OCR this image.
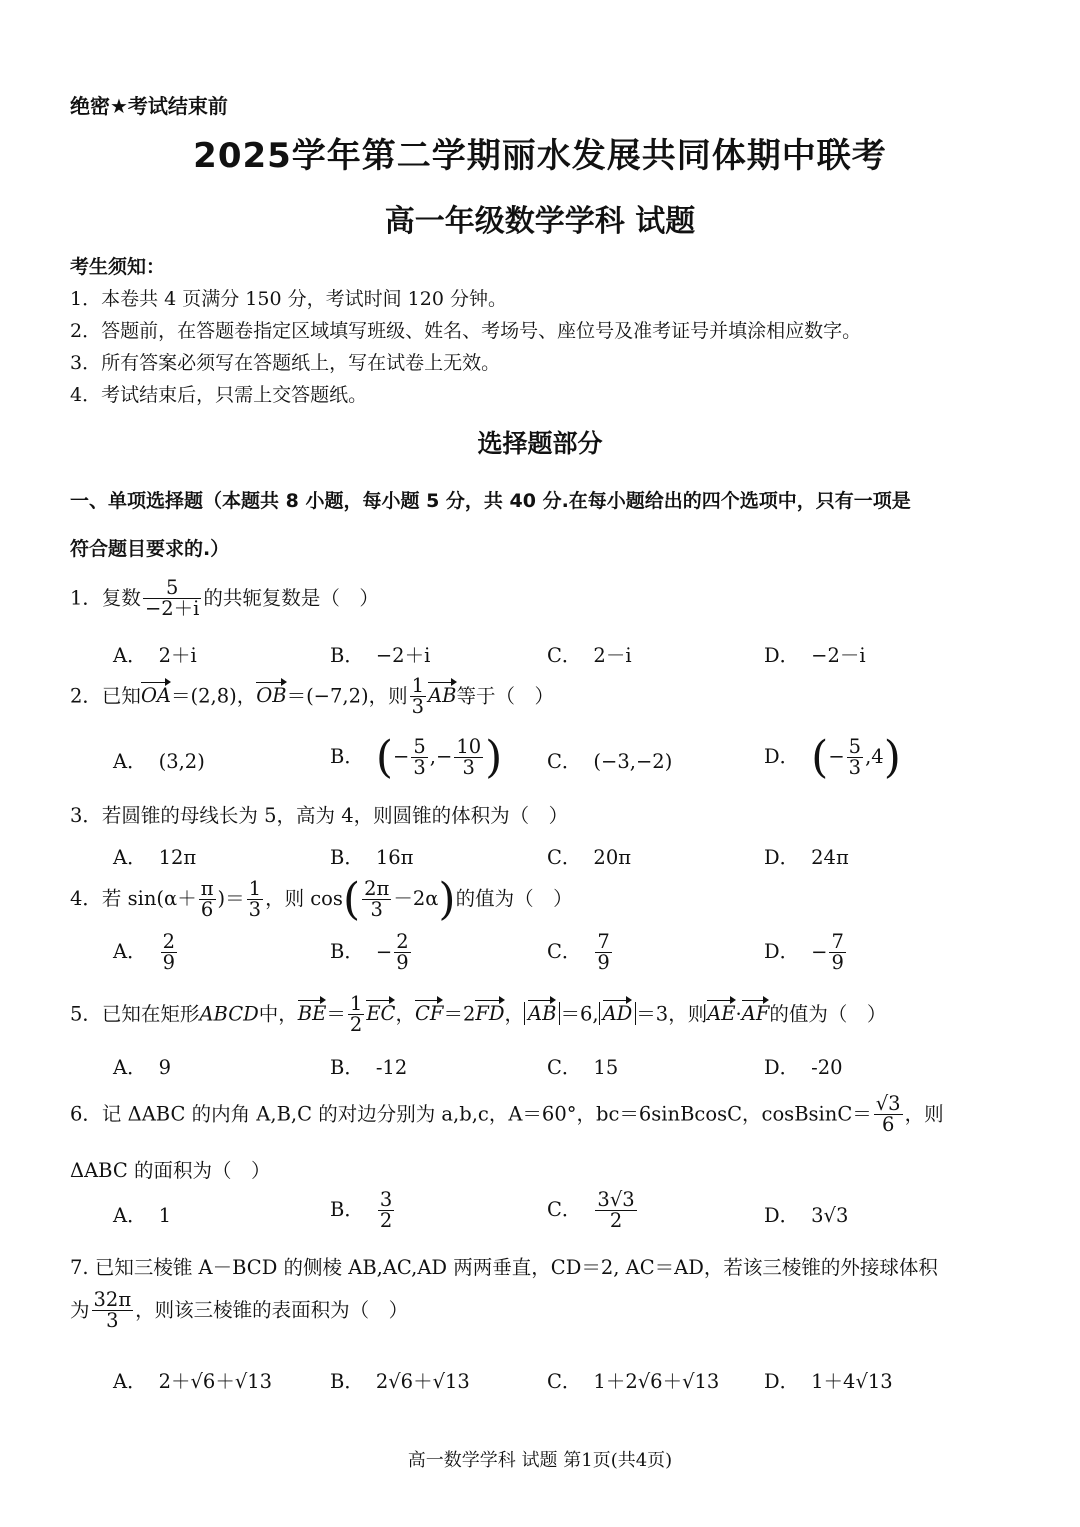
绝密★考试结束前
2025学年第二学期丽水发展共同体期中联考
高一年级数学学科 试题
考生须知：
1．本卷共 4 页满分 150 分，考试时间 120 分钟。
2．答题前，在答题卷指定区域填写班级、姓名、考场号、座位号及准考证号并填涂相应数字。
3．所有答案必须写在答题纸上，写在试卷上无效。
4．考试结束后，只需上交答题纸。
选择题部分
一、单项选择题（本题共 8 小题，每小题 5 分，共 40 分.在每小题给出的四个选项中，只有一项是
符合题目要求的.）
1．复数 $\frac{5}{-2+i}$ 的共轭复数是（　）
A． 2＋i	B． −2＋i	C． 2－i	D． −2－i
2．已知OA＝(2,8)，OB＝(−7,2)，则 $\frac{1}{3}$ AB等于（　）
A． (3,2)	B． (− $\frac{5}{3}$ ,− $\frac{10}{3}$ ) C． (−3,−2)	D． (− $\frac{5}{3} ,4$)
3．若圆锥的母线长为 5，高为 4，则圆锥的体积为（　）
A． 12π	B． 16π	C． 20π	D． 24π
4．若 $\sin(\alpha+ \frac{\pi}{6}$ )＝ $\frac{1}{3}$ ，则 $\cos( \frac{2\pi}{3} -2\alpha)$的值为（　）
A． $\frac{2}{9}$	B． − $\frac{2}{9}$	C． $\frac{7}{9}$	D． − $\frac{7}{9}$
5．已知在矩形ABCD中，$BE= \frac{1}{2}$ EC，CF＝2FD， AB ＝6, AD ＝3，则AE·AF的值为（　）
A． 9	B． -12	C． 15	D． -20
6．记 ΔABC 的内角 A,B,C 的对边分别为 a,b,c，A＝60°，bc＝6sinBcosC，cosBsinC＝ $\frac{√3}{6}$ ，则
ΔABC 的面积为（　）
A． 1	B． $\frac{3}{2}$	C． $\frac{3√3}{2}$	D． 3√3
7. 已知三棱锥 A－BCD 的侧棱 AB,AC,AD 两两垂直，CD＝2, AC＝AD，若该三棱锥的外接球体积
为 $\frac{32\pi}{3}$ ，则该三棱锥的表面积为（　）
A． 2＋√6＋√13	B． 2√6＋√13	C． 1＋2√6＋√13 D． 1＋4√13
高一数学学科 试题 第1页(共4页)
